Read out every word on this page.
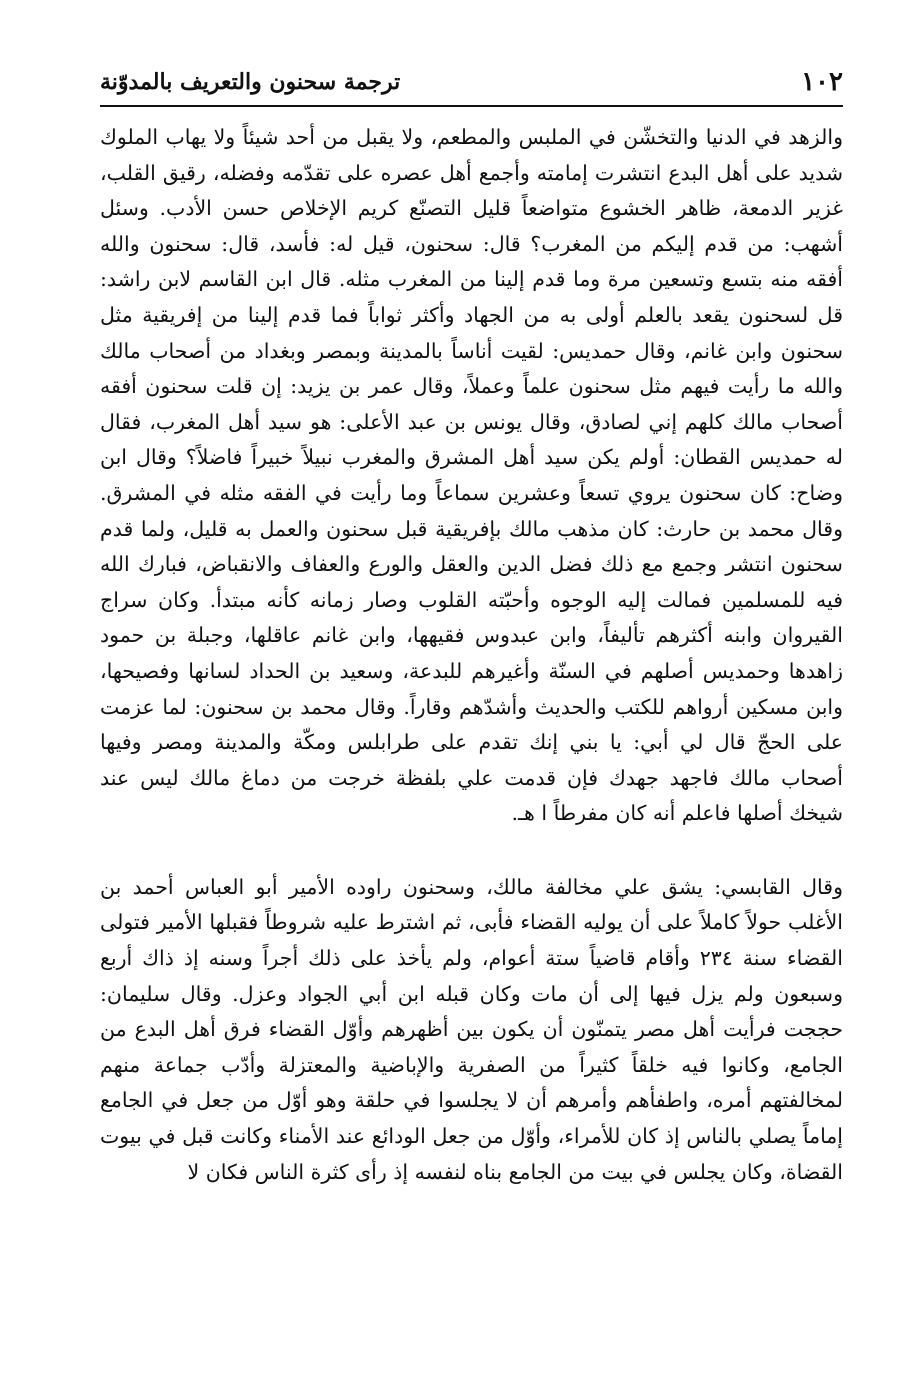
١٠٢
ترجمة سحنون والتعريف بالمدوّنة

والزهد في الدنيا والتخشّن في الملبس والمطعم، ولا يقبل من أحد شيئاً ولا يهاب الملوك شديد على أهل البدع انتشرت إمامته وأجمع أهل عصره على تقدّمه وفضله، رقيق القلب، غزير الدمعة، ظاهر الخشوع متواضعاً قليل التصنّع كريم الإخلاص حسن الأدب. وسئل أشهب: من قدم إليكم من المغرب؟ قال: سحنون، قيل له: فأسد، قال: سحنون والله أفقه منه بتسع وتسعين مرة وما قدم إلينا من المغرب مثله. قال ابن القاسم لابن راشد: قل لسحنون يقعد بالعلم أولى به من الجهاد وأكثر ثواباً فما قدم إلينا من إفريقية مثل سحنون وابن غانم، وقال حمديس: لقيت أناساً بالمدينة وبمصر وبغداد من أصحاب مالك والله ما رأيت فيهم مثل سحنون علماً وعملاً، وقال عمر بن يزيد: إن قلت سحنون أفقه أصحاب مالك كلهم إني لصادق، وقال يونس بن عبد الأعلى: هو سيد أهل المغرب، فقال له حمديس القطان: أولم يكن سيد أهل المشرق والمغرب نبيلاً خبيراً فاضلاً؟ وقال ابن وضاح: كان سحنون يروي تسعاً وعشرين سماعاً وما رأيت في الفقه مثله في المشرق. وقال محمد بن حارث: كان مذهب مالك بإفريقية قبل سحنون والعمل به قليل، ولما قدم سحنون انتشر وجمع مع ذلك فضل الدين والعقل والورع والعفاف والانقباض، فبارك الله فيه للمسلمين فمالت إليه الوجوه وأحبّته القلوب وصار زمانه كأنه مبتدأ. وكان سراج القيروان وابنه أكثرهم تأليفاً، وابن عبدوس فقيهها، وابن غانم عاقلها، وجبلة بن حمود زاهدها وحمديس أصلهم في السنّة وأغيرهم للبدعة، وسعيد بن الحداد لسانها وفصيحها، وابن مسكين أرواهم للكتب والحديث وأشدّهم وقاراً. وقال محمد بن سحنون: لما عزمت على الحجّ قال لي أبي: يا بني إنك تقدم على طرابلس ومكّة والمدينة ومصر وفيها أصحاب مالك فاجهد جهدك فإن قدمت علي بلفظة خرجت من دماغ مالك ليس عند شيخك أصلها فاعلم أنه كان مفرطاً ا هـ.

وقال القابسي: يشق علي مخالفة مالك، وسحنون راوده الأمير أبو العباس أحمد بن الأغلب حولاً كاملاً على أن يوليه القضاء فأبى، ثم اشترط عليه شروطاً فقبلها الأمير فتولى القضاء سنة ٢٣٤ وأقام قاضياً ستة أعوام، ولم يأخذ على ذلك أجراً وسنه إذ ذاك أربع وسبعون ولم يزل فيها إلى أن مات وكان قبله ابن أبي الجواد وعزل. وقال سليمان: حججت فرأيت أهل مصر يتمنّون أن يكون بين أظهرهم وأوّل القضاء فرق أهل البدع من الجامع، وكانوا فيه خلقاً كثيراً من الصفرية والإباضية والمعتزلة وأدّب جماعة منهم لمخالفتهم أمره، واطفأهم وأمرهم أن لا يجلسوا في حلقة وهو أوّل من جعل في الجامع إماماً يصلي بالناس إذ كان للأمراء، وأوّل من جعل الودائع عند الأمناء وكانت قبل في بيوت القضاة، وكان يجلس في بيت من الجامع بناه لنفسه إذ رأى كثرة الناس فكان لا
